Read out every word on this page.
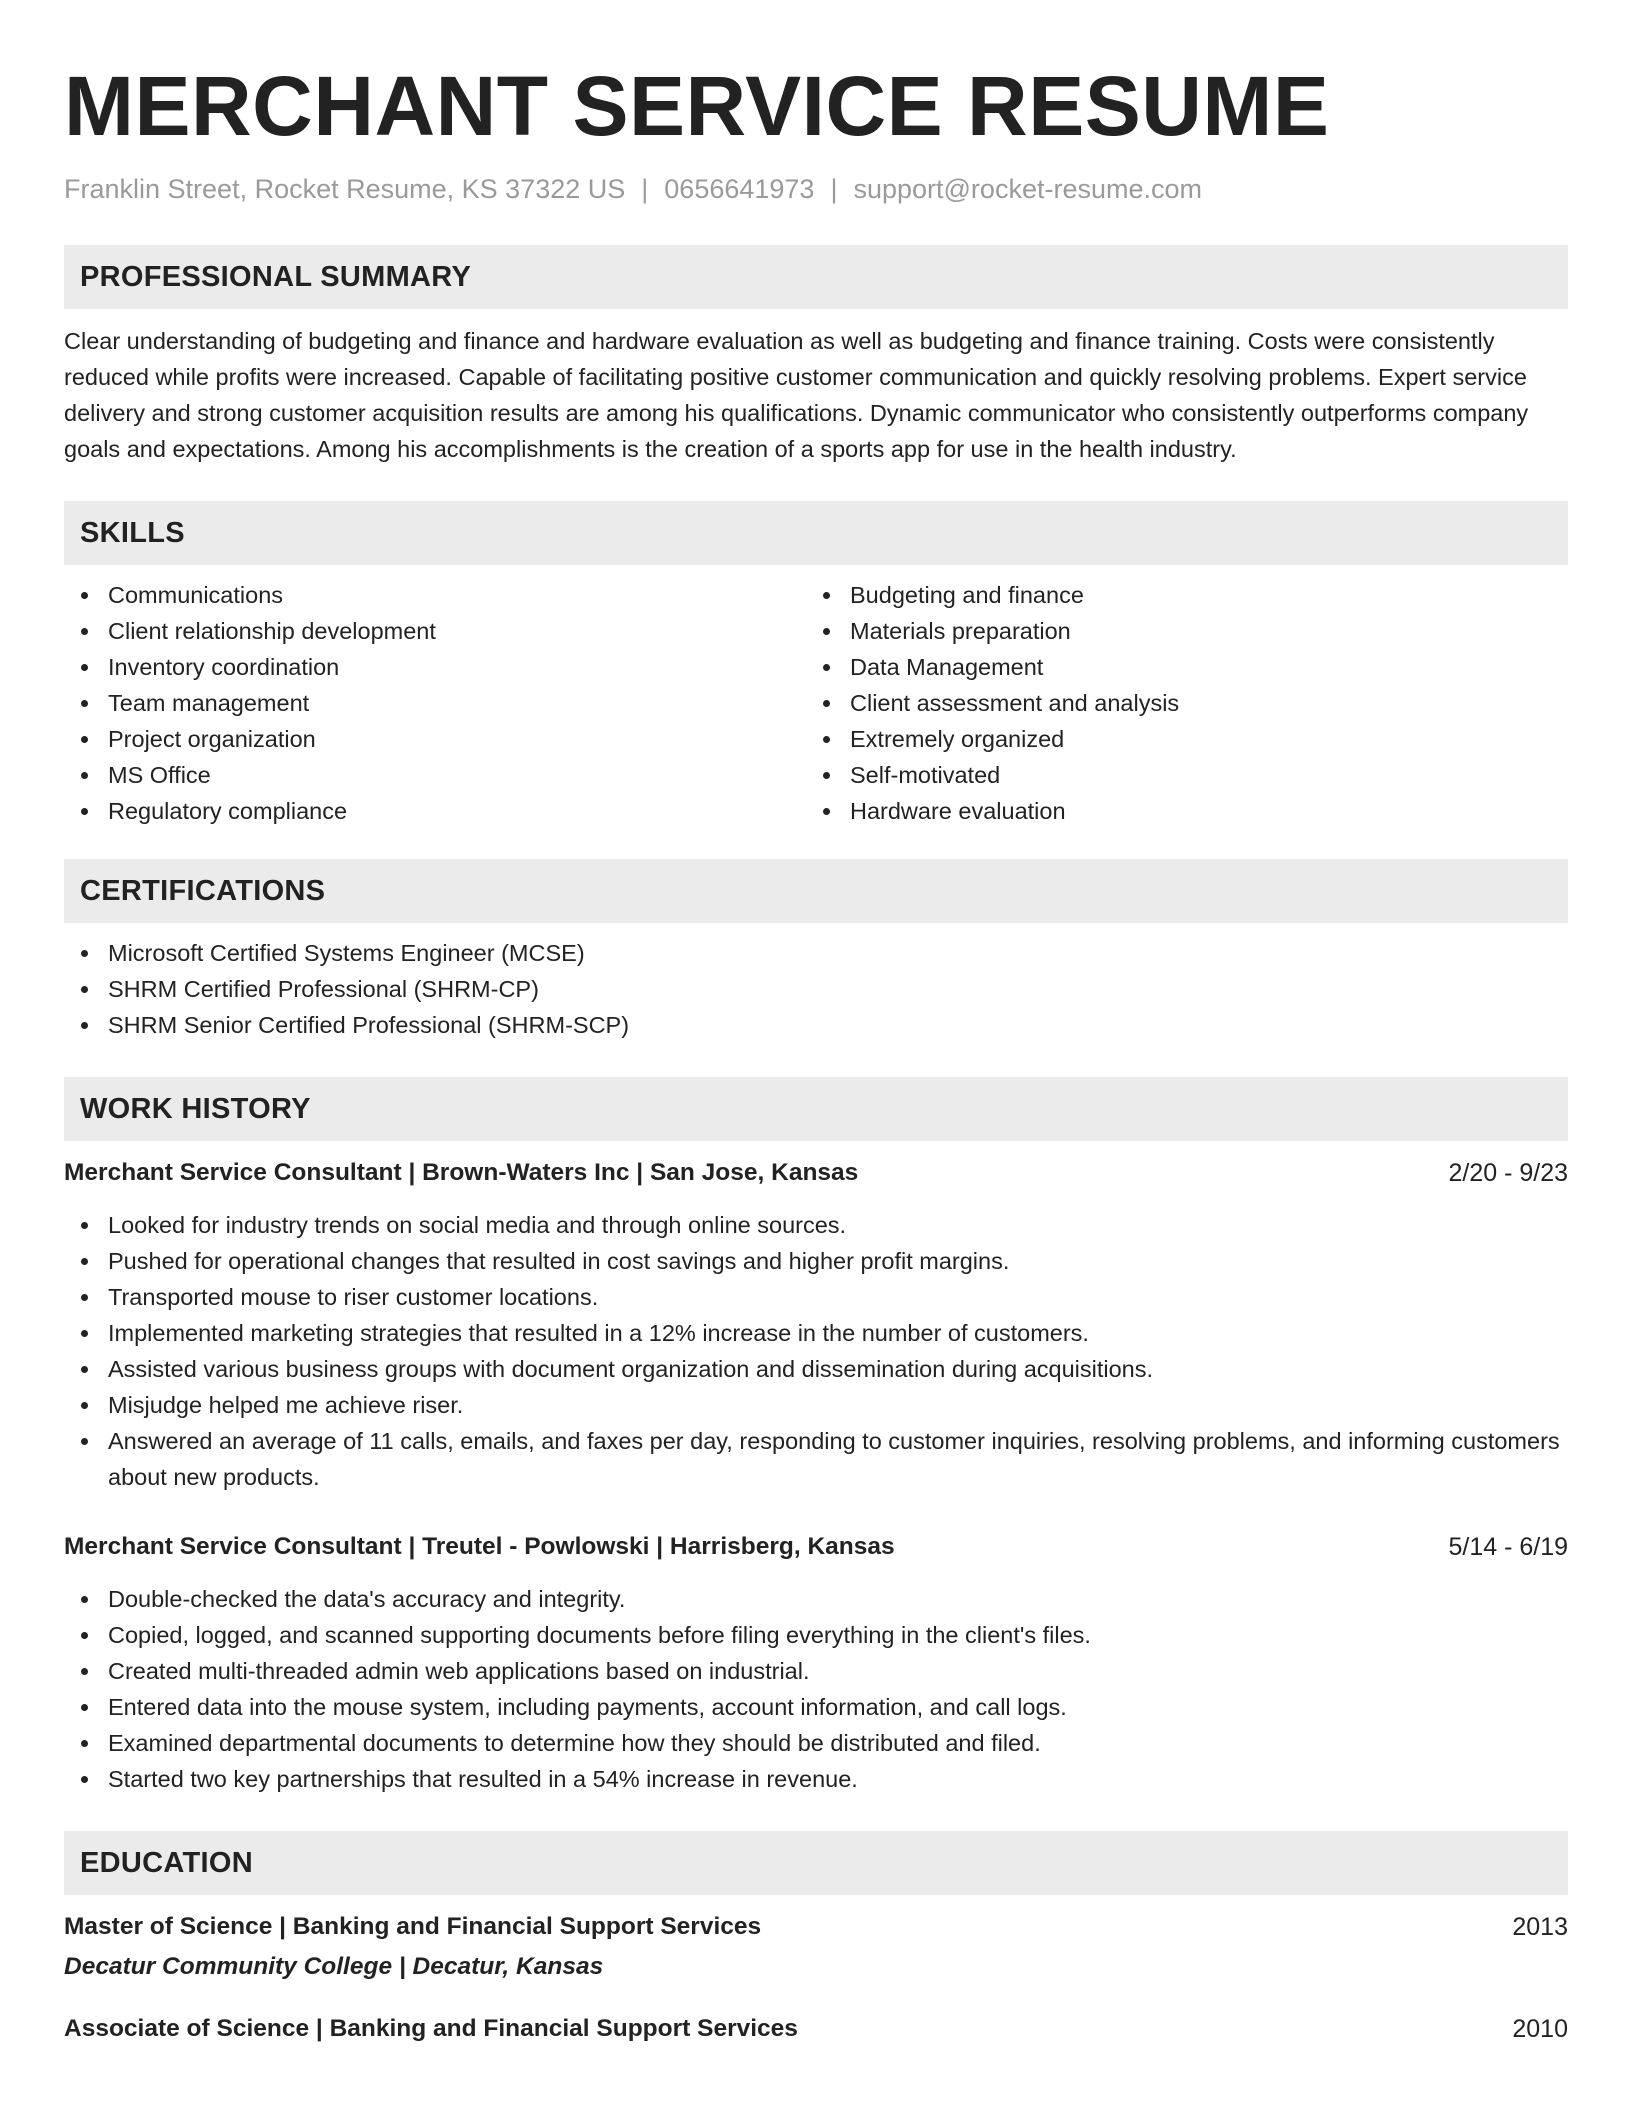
MERCHANT SERVICE RESUME
Franklin Street, Rocket Resume, KS 37322 US | 0656641973 | support@rocket-resume.com
PROFESSIONAL SUMMARY

Clear understanding of budgeting and finance and hardware evaluation as well as budgeting and finance training. Costs were consistently reduced while profits were increased. Capable of facilitating positive customer communication and quickly resolving problems. Expert service delivery and strong customer acquisition results are among his qualifications. Dynamic communicator who consistently outperforms company goals and expectations. Among his accomplishments is the creation of a sports app for use in the health industry.

SKILLS
Communications
Client relationship development
Inventory coordination
Team management
Project organization
MS Office
Regulatory compliance
Budgeting and finance
Materials preparation
Data Management
Client assessment and analysis
Extremely organized
Self-motivated
Hardware evaluation
CERTIFICATIONS
Microsoft Certified Systems Engineer (MCSE)
SHRM Certified Professional (SHRM-CP)
SHRM Senior Certified Professional (SHRM-SCP)
WORK HISTORY
Merchant Service Consultant | Brown-Waters Inc | San Jose, Kansas	2/20 - 9/23
Looked for industry trends on social media and through online sources.
Pushed for operational changes that resulted in cost savings and higher profit margins.
Transported mouse to riser customer locations.
Implemented marketing strategies that resulted in a 12% increase in the number of customers.
Assisted various business groups with document organization and dissemination during acquisitions.
Misjudge helped me achieve riser.
Answered an average of 11 calls, emails, and faxes per day, responding to customer inquiries, resolving problems, and informing customers about new products.
Merchant Service Consultant | Treutel - Powlowski | Harrisberg, Kansas	5/14 - 6/19
Double-checked the data's accuracy and integrity.
Copied, logged, and scanned supporting documents before filing everything in the client's files.
Created multi-threaded admin web applications based on industrial.
Entered data into the mouse system, including payments, account information, and call logs.
Examined departmental documents to determine how they should be distributed and filed.
Started two key partnerships that resulted in a 54% increase in revenue.
EDUCATION
Master of Science | Banking and Financial Support Services	2013
Decatur Community College | Decatur, Kansas
Associate of Science | Banking and Financial Support Services	2010
